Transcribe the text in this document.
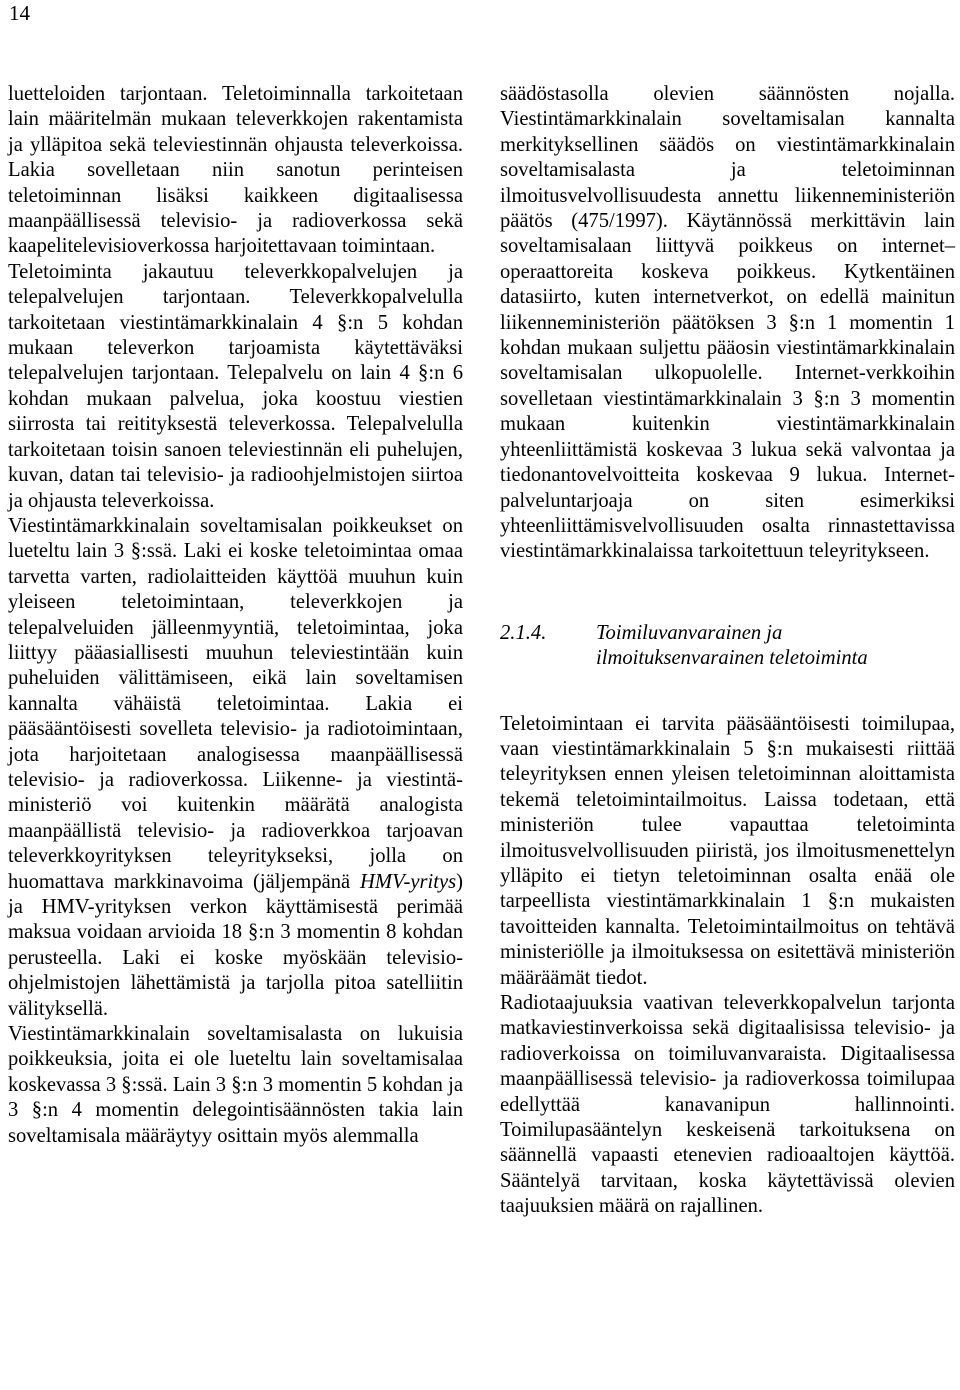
14

luetteloiden tarjontaan. Teletoiminnalla tarkoitetaan lain määritelmän mukaan televerkkojen rakentamista ja ylläpitoa sekä televiestinnän ohjausta televerkoissa. Lakia sovelletaan niin sanotun perinteisen teletoiminnan lisäksi kaikkeen digitaalisessa maanpäällisessä televisio- ja radioverkossa sekä kaapelitelevisioverkossa harjoitettavaan toimintaan.

Teletoiminta jakautuu televerkkopalvelujen ja telepalvelujen tarjontaan. Televerkkopalvelulla tarkoitetaan viestintämarkkinalain 4 §:n 5 kohdan mukaan televerkon tarjoamista käytettäväksi telepalvelujen tarjontaan. Telepalvelu on lain 4 §:n 6 kohdan mukaan palvelua, joka koostuu viestien siirrosta tai reitityksestä televerkossa. Telepalvelulla tarkoitetaan toisin sanoen televiestinnän eli puhelujen, kuvan, datan tai televisio- ja radioohjelmistojen siirtoa ja ohjausta televerkoissa.

Viestintämarkkinalain soveltamisalan poikkeukset on lueteltu lain 3 §:ssä. Laki ei koske teletoimintaa omaa tarvetta varten, radiolaitteiden käyttöä muuhun kuin yleiseen teletoimintaan, televerkkojen ja telepalveluiden jälleenmyyntiä, teletoimintaa, joka liittyy pääasiallisesti muuhun televiestintään kuin puheluiden välittämiseen, eikä lain soveltamisen kannalta vähäistä teletoimintaa. Lakia ei pääsääntöisesti sovelleta televisio- ja radiotoimintaan, jota harjoitetaan analogisessa maanpäällisessä televisio- ja radioverkossa. Liikenne- ja viestintäministeriö voi kuitenkin määrätä analogista maanpäällistä televisio- ja radioverkkoa tarjoavan televerkkoyrityksen teleyritykseksi, jolla on huomattava markkinavoima (jäljempänä HMV-yritys) ja HMV-yrityksen verkon käyttämisestä perimää maksua voidaan arvioida 18 §:n 3 momentin 8 kohdan perusteella. Laki ei koske myöskään televisio-ohjelmistojen lähettämistä ja tarjolla pitoa satelliitin välityksellä.

Viestintämarkkinalain soveltamisalasta on lukuisia poikkeuksia, joita ei ole lueteltu lain soveltamisalaa koskevassa 3 §:ssä. Lain 3 §:n 3 momentin 5 kohdan ja 3 §:n 4 momentin delegointisäännösten takia lain soveltamisala määräytyy osittain myös alemmalla

säädöstasolla olevien säännösten nojalla. Viestintämarkkinalain soveltamisalan kannalta merkityksellinen säädös on viestintämarkkinalain soveltamisalasta ja teletoiminnan ilmoitusvelvollisuudesta annettu liikenneministeriön päätös (475/1997). Käytännössä merkittävin lain soveltamisalaan liittyvä poikkeus on internet–operaattoreita koskeva poikkeus. Kytkentäinen datasiirto, kuten internetverkot, on edellä mainitun liikenneministeriön päätöksen 3 §:n 1 momentin 1 kohdan mukaan suljettu pääosin viestintämarkkinalain soveltamisalan ulkopuolelle. Internet-verkkoihin sovelletaan viestintämarkkinalain 3 §:n 3 momentin mukaan kuitenkin viestintämarkkinalain yhteenliittämistä koskevaa 3 lukua sekä valvontaa ja tiedonantovelvoitteita koskevaa 9 lukua. Internet-palveluntarjoaja on siten esimerkiksi yhteenliittämisvelvollisuuden osalta rinnastettavissa viestintämarkkinalaissa tarkoitettuun teleyritykseen.

2.1.4.	Toimiluvanvarainen ja ilmoituksenvarainen teletoiminta

Teletoimintaan ei tarvita pääsääntöisesti toimilupaa, vaan viestintämarkkinalain 5 §:n mukaisesti riittää teleyrityksen ennen yleisen teletoiminnan aloittamista tekemä teletoimintailmoitus. Laissa todetaan, että ministeriön tulee vapauttaa teletoiminta ilmoitusvelvollisuuden piiristä, jos ilmoitusmenettelyn ylläpito ei tietyn teletoiminnan osalta enää ole tarpeellista viestintämarkkinalain 1 §:n mukaisten tavoitteiden kannalta. Teletoimintailmoitus on tehtävä ministeriölle ja ilmoituksessa on esitettävä ministeriön määräämät tiedot.

Radiotaajuuksia vaativan televerkkopalvelun tarjonta matkaviestinverkoissa sekä digitaalisissa televisio- ja radioverkoissa on toimiluvanvaraista. Digitaalisessa maanpäällisessä televisio- ja radioverkossa toimilupaa edellyttää kanavanipun hallinnointi. Toimilupasääntelyn keskeisenä tarkoituksena on säännellä vapaasti etenevien radioaaltojen käyttöä. Sääntelyä tarvitaan, koska käytettävissä olevien taajuuksien määrä on rajallinen.
